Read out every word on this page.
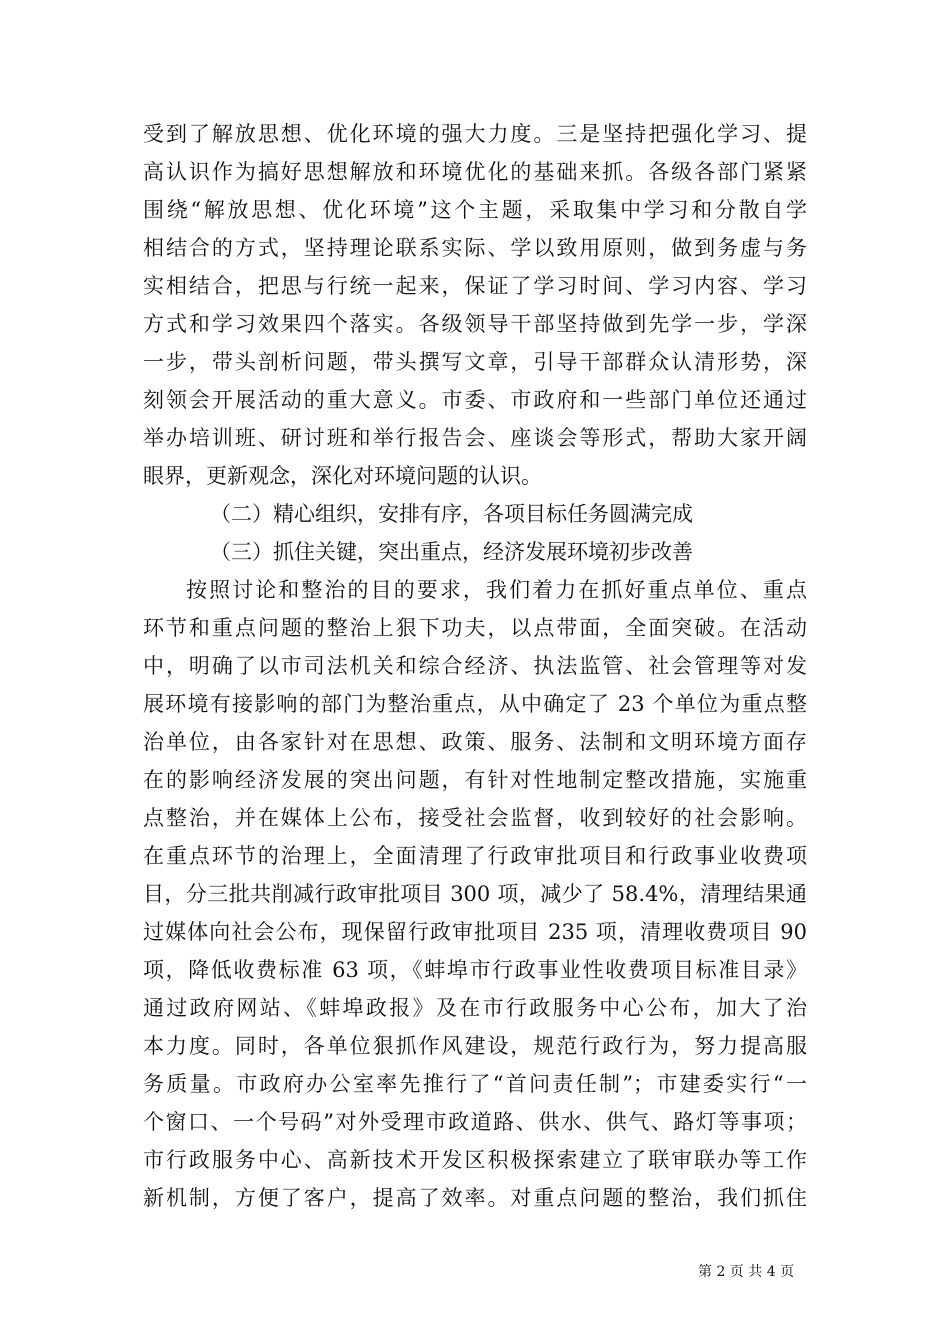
受到了解放思想、优化环境的强大力度。三是坚持把强化学习、提
高认识作为搞好思想解放和环境优化的基础来抓。各级各部门紧紧
围绕“解放思想、优化环境”这个主题，采取集中学习和分散自学
相结合的方式，坚持理论联系实际、学以致用原则，做到务虚与务
实相结合，把思与行统一起来，保证了学习时间、学习内容、学习
方式和学习效果四个落实。各级领导干部坚持做到先学一步，学深
一步，带头剖析问题，带头撰写文章，引导干部群众认清形势，深
刻领会开展活动的重大意义。市委、市政府和一些部门单位还通过
举办培训班、研讨班和举行报告会、座谈会等形式，帮助大家开阔
眼界，更新观念，深化对环境问题的认识。
（二）精心组织，安排有序，各项目标任务圆满完成
（三）抓住关键，突出重点，经济发展环境初步改善
按照讨论和整治的目的要求，我们着力在抓好重点单位、重点
环节和重点问题的整治上狠下功夫，以点带面，全面突破。在活动
中，明确了以市司法机关和综合经济、执法监管、社会管理等对发
展环境有接影响的部门为整治重点，从中确定了 23 个单位为重点整
治单位，由各家针对在思想、政策、服务、法制和文明环境方面存
在的影响经济发展的突出问题，有针对性地制定整改措施，实施重
点整治，并在媒体上公布，接受社会监督，收到较好的社会影响。
在重点环节的治理上，全面清理了行政审批项目和行政事业收费项
目，分三批共削减行政审批项目 300 项，减少了 58.4%，清理结果通
过媒体向社会公布，现保留行政审批项目 235 项，清理收费项目 90
项，降低收费标准 63 项，《蚌埠市行政事业性收费项目标准目录》
通过政府网站、《蚌埠政报》及在市行政服务中心公布，加大了治
本力度。同时，各单位狠抓作风建设，规范行政行为，努力提高服
务质量。市政府办公室率先推行了“首问责任制”；市建委实行“一
个窗口、一个号码”对外受理市政道路、供水、供气、路灯等事项；
市行政服务中心、高新技术开发区积极探索建立了联审联办等工作
新机制，方便了客户，提高了效率。对重点问题的整治，我们抓住
第 2 页 共 4 页
